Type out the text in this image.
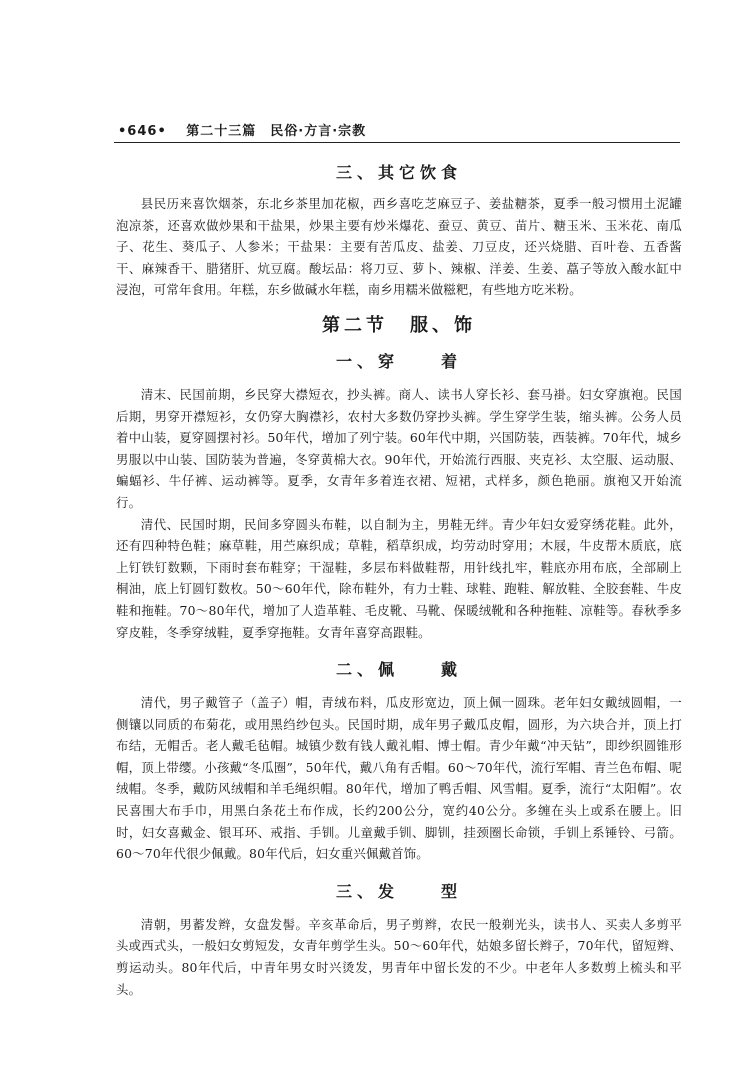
•646• 第二十三篇　民俗·方言·宗教
三、其它饮食

县民历来喜饮烟茶，东北乡茶里加花椒，西乡喜吃芝麻豆子、姜盐糖茶，夏季一般习惯用土泥罐泡凉茶，还喜欢做炒果和干盐果，炒果主要有炒米爆花、蚕豆、黄豆、苗片、糖玉米、玉米花、南瓜子、花生、葵瓜子、人参米；干盐果：主要有苦瓜皮、盐姜、刀豆皮，还兴烧腊、百叶卷、五香酱干、麻辣香干、腊猪肝、炕豆腐。酸坛品：将刀豆、萝卜、辣椒、洋姜、生姜、藠子等放入酸水缸中浸泡，可常年食用。年糕，东乡做碱水年糕，南乡用糯米做糍粑，有些地方吃米粉。

第二节　服、饰
一、穿　　着

清末、民国前期，乡民穿大襟短衣，抄头裤。商人、读书人穿长衫、套马褂。妇女穿旗袍。民国后期，男穿开襟短衫，女仍穿大胸襟衫，农村大多数仍穿抄头裤。学生穿学生装，缩头裤。公务人员着中山装，夏穿圆摆衬衫。50年代，增加了列宁装。60年代中期，兴国防装，西装裤。70年代，城乡男服以中山装、国防装为普遍，冬穿黄棉大衣。90年代，开始流行西服、夹克衫、太空服、运动服、蝙蝠衫、牛仔裤、运动裤等。夏季，女青年多着连衣裙、短裙，式样多，颜色艳丽。旗袍又开始流行。

清代、民国时期，民间多穿圆头布鞋，以自制为主，男鞋无绊。青少年妇女爱穿绣花鞋。此外，还有四种特色鞋；麻草鞋，用苎麻织成；草鞋，稻草织成，均劳动时穿用；木屐，牛皮帮木质底，底上钉铁钉数颗，下雨时套布鞋穿；干湿鞋，多层布料做鞋帮，用针线扎牢，鞋底亦用布底，全部刷上桐油，底上钉圆钉数枚。50～60年代，除布鞋外，有力士鞋、球鞋、跑鞋、解放鞋、全胶套鞋、牛皮鞋和拖鞋。70～80年代，增加了人造革鞋、毛皮靴、马靴、保暖绒靴和各种拖鞋、凉鞋等。春秋季多穿皮鞋，冬季穿绒鞋，夏季穿拖鞋。女青年喜穿高跟鞋。

二、佩　　戴

清代，男子戴管子（盖子）帽，青绒布料，瓜皮形宽边，顶上佩一圆珠。老年妇女戴绒圆帽，一侧镶以同质的布菊花，或用黑绉纱包头。民国时期，成年男子戴瓜皮帽，圆形，为六块合并，顶上打布结，无帽舌。老人戴毛毡帽。城镇少数有钱人戴礼帽、博士帽。青少年戴“冲天钻”，即纱织圆锥形帽，顶上带缨。小孩戴“冬瓜圈”，50年代，戴八角有舌帽。60～70年代，流行军帽、青兰色布帽、呢绒帽。冬季，戴防风绒帽和羊毛绳织帽。80年代，增加了鸭舌帽、风雪帽。夏季，流行“太阳帽”。农民喜围大布手巾，用黑白条花土布作成，长约200公分，宽约40公分。多缠在头上或系在腰上。旧时，妇女喜戴金、银耳环、戒指、手钏。儿童戴手钏、脚钏，挂颈圈长命锁，手钏上系锤铃、弓箭。60～70年代很少佩戴。80年代后，妇女重兴佩戴首饰。

三、发　　型

清朝，男蓄发辫，女盘发髻。辛亥革命后，男子剪辫，农民一般剃光头，读书人、买卖人多剪平头或西式头，一般妇女剪短发，女青年剪学生头。50～60年代，姑娘多留长辫子，70年代，留短辫、剪运动头。80年代后，中青年男女时兴烫发，男青年中留长发的不少。中老年人多数剪上梳头和平头。
